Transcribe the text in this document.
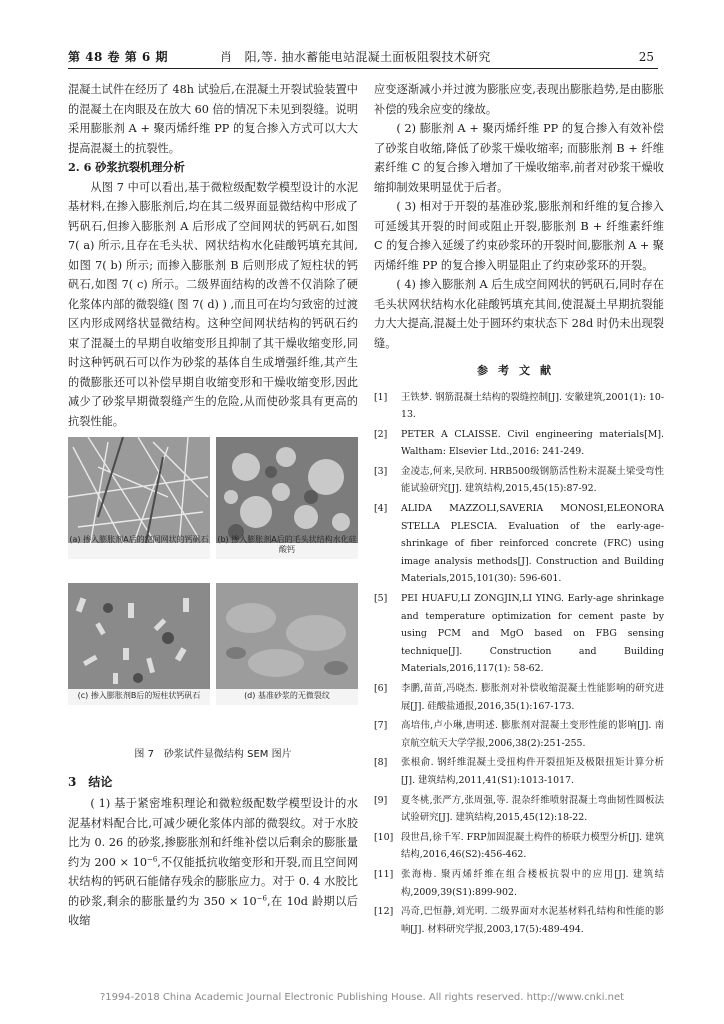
第 48 卷 第 6 期	肖　阳,等. 抽水蓄能电站混凝土面板阻裂技术研究	25

混凝土试件在经历了 48h 试验后,在混凝土开裂试验装置中的混凝土在肉眼及在放大 60 倍的情况下未见到裂缝。说明采用膨胀剂 A + 聚丙烯纤维 PP 的复合掺入方式可以大大提高混凝土的抗裂性。

2. 6 砂浆抗裂机理分析

从图 7 中可以看出,基于微粒级配数学模型设计的水泥基材料,在掺入膨胀剂后,均在其二级界面显微结构中形成了钙矾石,但掺入膨胀剂 A 后形成了空间网状的钙矾石,如图 7( a) 所示,且存在毛头状、网状结构水化硅酸钙填充其间,如图 7( b) 所示; 而掺入膨胀剂 B 后则形成了短柱状的钙矾石,如图 7( c) 所示。二级界面结构的改善不仅消除了硬化浆体内部的微裂缝( 图 7( d) ) ,而且可在均匀致密的过渡区内形成网络状显微结构。这种空间网状结构的钙矾石约束了混凝土的早期自收缩变形且抑制了其干燥收缩变形,同时这种钙矾石可以作为砂浆的基体自生成增强纤维,其产生的微膨胀还可以补偿早期自收缩变形和干燥收缩变形,因此减少了砂浆早期微裂缝产生的危险,从而使砂浆具有更高的抗裂性能。

(a) 掺入膨胀剂A后的空间网状的钙矾石 (b) 掺入膨胀剂A后的毛头状结构水化硅酸钙
(c) 掺入膨胀剂B后的短柱状钙矾石	(d) 基准砂浆的无微裂纹

图 7　砂浆试件显微结构 SEM 图片

3　结论

( 1) 基于紧密堆积理论和微粒级配数学模型设计的水泥基材料配合比,可减少硬化浆体内部的微裂纹。对于水胶比为 0. 26 的砂浆,掺膨胀剂和纤维补偿以后剩余的膨胀量约为 $200 \times 10^{-6}$,不仅能抵抗收缩变形和开裂,而且空间网状结构的钙矾石能储存残余的膨胀应力。对于 0. 4 水胶比的砂浆,剩余的膨胀量约为 $350 \times 10^{-6}$,在 10d 龄期以后收缩

应变逐渐减小并过渡为膨胀应变,表现出膨胀趋势,是由膨胀补偿的残余应变的缘故。

( 2) 膨胀剂 A + 聚丙烯纤维 PP 的复合掺入有效补偿了砂浆自收缩,降低了砂浆干燥收缩率; 而膨胀剂 B + 纤维素纤维 C 的复合掺入增加了干燥收缩率,前者对砂浆干燥收缩抑制效果明显优于后者。

( 3) 相对于开裂的基准砂浆,膨胀剂和纤维的复合掺入可延缓其开裂的时间或阻止开裂,膨胀剂 B + 纤维素纤维 C 的复合掺入延缓了约束砂浆环的开裂时间,膨胀剂 A + 聚丙烯纤维 PP 的复合掺入明显阻止了约束砂浆环的开裂。

( 4) 掺入膨胀剂 A 后生成空间网状的钙矾石,同时存在毛头状网状结构水化硅酸钙填充其间,使混凝土早期抗裂能力大大提高,混凝土处于圆环约束状态下 28d 时仍未出现裂缝。

参考文献
[1]	王铁梦. 钢筋混凝土结构的裂缝控制[J]. 安徽建筑,2001(1): 10-13.
[2]	PETER A CLAISSE. Civil engineering materials[M]. Waltham: Elsevier Ltd.,2016: 241-249.
[3]	金凌志,何来,吴欣珂. HRB500级钢筋活性粉末混凝土梁受弯性能试验研究[J]. 建筑结构,2015,45(15):87-92.
[4]	ALIDA MAZZOLI,SAVERIA MONOSI,ELEONORA STELLA PLESCIA. Evaluation of the early-age-shrinkage of fiber reinforced concrete (FRC) using image analysis methods[J]. Construction and Building Materials,2015,101(30): 596-601.
[5]	PEI HUAFU,LI ZONGJIN,LI YING. Early-age shrinkage and temperature optimization for cement paste by using PCM and MgO based on FBG sensing technique[J]. Construction and Building Materials,2016,117(1): 58-62.
[6]	李鹏,苗苗,冯晓杰. 膨胀剂对补偿收缩混凝土性能影响的研究进展[J]. 硅酸盐通报,2016,35(1):167-173.
[7]	高培伟,卢小琳,唐明述. 膨胀剂对混凝土变形性能的影响[J]. 南京航空航天大学学报,2006,38(2):251-255.
[8]	张根俞. 钢纤维混凝土受扭构件开裂扭矩及极限扭矩计算分析[J]. 建筑结构,2011,41(S1):1013-1017.
[9]	夏冬桃,张严方,张周强,等. 混杂纤维喷射混凝土弯曲韧性圆板法试验研究[J]. 建筑结构,2015,45(12):18-22.
[10] 段世昌,徐千军. FRP加固混凝土构件的桥联力模型分析[J]. 建筑结构,2016,46(S2):456-462.
[11] 张海梅. 聚丙烯纤维在组合楼板抗裂中的应用[J]. 建筑结构,2009,39(S1):899-902.
[12] 冯奇,巴恒静,刘光明. 二级界面对水泥基材料孔结构和性能的影响[J]. 材料研究学报,2003,17(5):489-494.
?1994-2018 China Academic Journal Electronic Publishing House. All rights reserved. http://www.cnki.net
